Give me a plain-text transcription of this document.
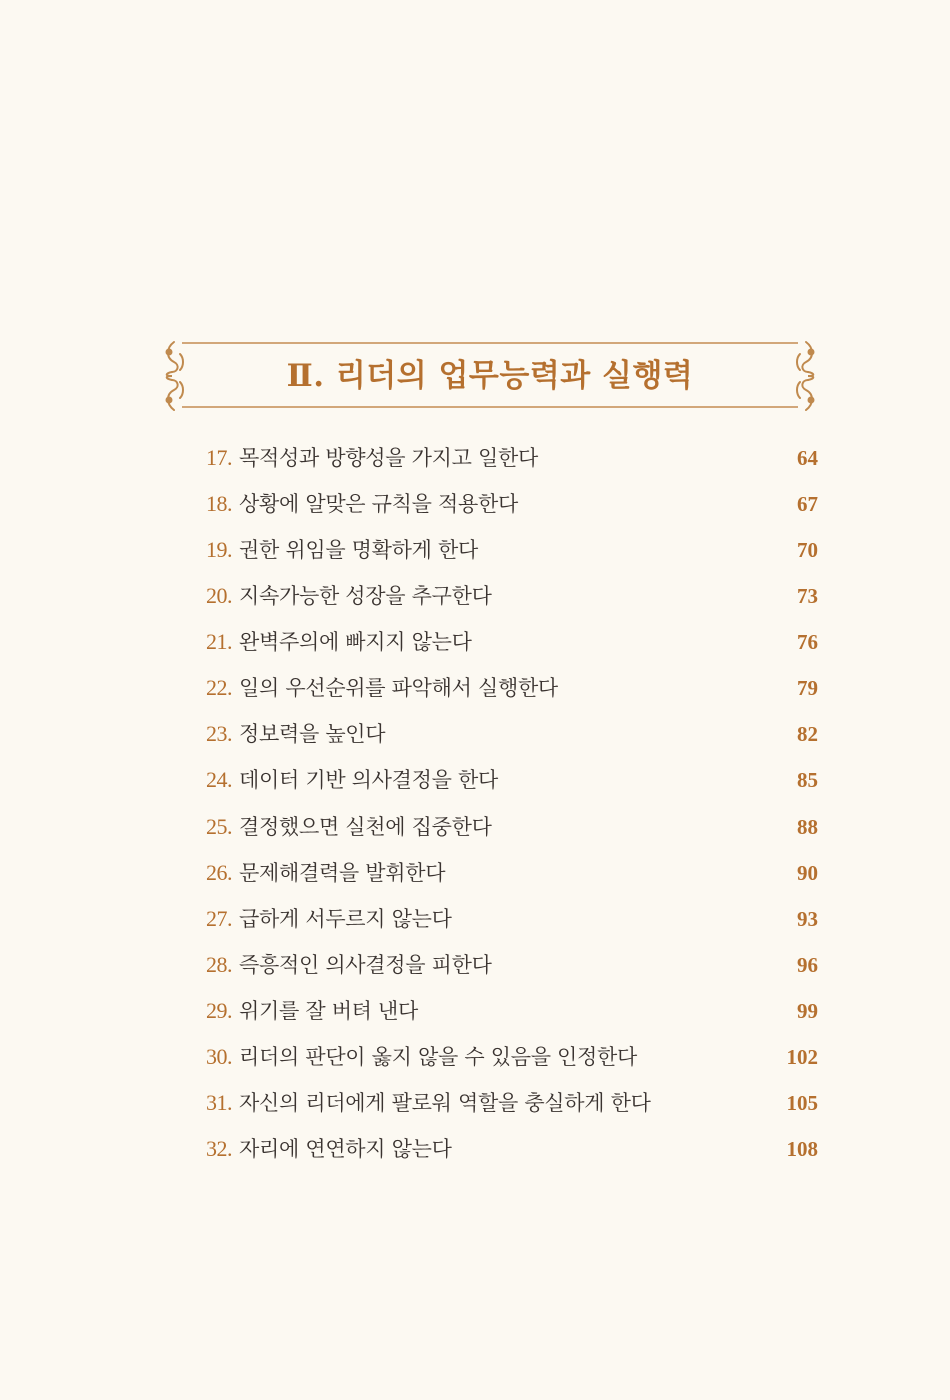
Ⅱ. 리더의 업무능력과 실행력
17. 목적성과 방향성을 가지고 일한다	64
18. 상황에 알맞은 규칙을 적용한다	67
19. 권한 위임을 명확하게 한다	70
20. 지속가능한 성장을 추구한다	73
21. 완벽주의에 빠지지 않는다	76
22. 일의 우선순위를 파악해서 실행한다	79
23. 정보력을 높인다	82
24. 데이터 기반 의사결정을 한다	85
25. 결정했으면 실천에 집중한다	88
26. 문제해결력을 발휘한다	90
27. 급하게 서두르지 않는다	93
28. 즉흥적인 의사결정을 피한다	96
29. 위기를 잘 버텨 낸다	99
30. 리더의 판단이 옳지 않을 수 있음을 인정한다	102
31. 자신의 리더에게 팔로워 역할을 충실하게 한다	105
32. 자리에 연연하지 않는다	108
